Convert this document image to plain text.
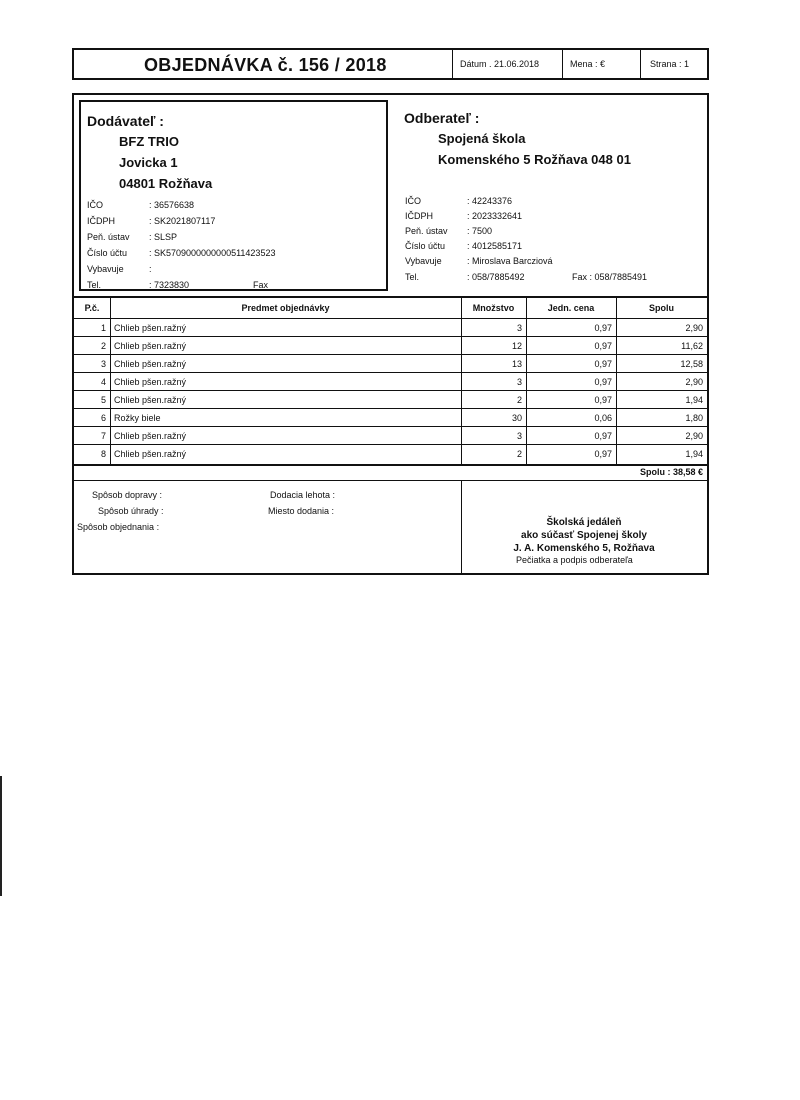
OBJEDNÁVKA č. 156 / 2018	Dátum . 21.06.2018	Mena : €	Strana : 1
Dodávateľ :
BFZ TRIO
Jovicka 1
04801 Rožňava
IČO	: 36576638
IČDPH	: SK2021807117
Peň. ústav : SLSP
Číslo účtu : SK5709000000000511423523
Vybavuje	:
Tel.	: 7323830	Fax
Odberateľ :
Spojená škola
Komenského 5 Rožňava 048 01
IČO	: 42243376
IČDPH	: 2023332641
Peň. ústav : 7500
Číslo účtu : 4012585171
Vybavuje	: Miroslava Barcziová
Tel.	: 058/7885492	Fax : 058/7885491
P.č.	Predmet objednávky	Množstvo	Jedn. cena	Spolu
1 Chlieb pšen.ražný	3	0,97	2,90
2 Chlieb pšen.ražný	12	0,97	11,62
3 Chlieb pšen.ražný	13	0,97	12,58
4 Chlieb pšen.ražný	3	0,97	2,90
5 Chlieb pšen.ražný	2	0,97	1,94
6 Rožky biele	30	0,06	1,80
7 Chlieb pšen.ražný	3	0,97	2,90
8 Chlieb pšen.ražný	2	0,97	1,94
Spolu : 38,58 €
Spôsob dopravy :
Spôsob úhrady :
Spôsob objednania :
Dodacia lehota :
Miesto dodania :
Školská jedáleň
ako súčasť Spojenej školy
J. A. Komenského 5, Rožňava
Pečiatka a podpis odberateľa
